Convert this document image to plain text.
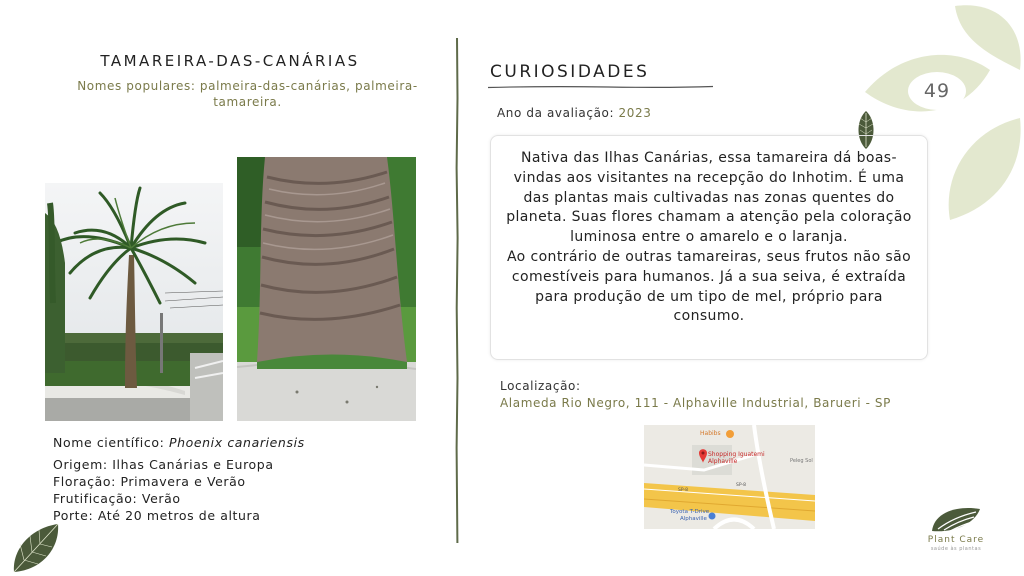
49
TAMAREIRA-DAS-CANÁRIAS
Nomes populares: palmeira-das-canárias, palmeira-tamareira.
Nome científico: Phoenix canariensis
Origem: Ilhas Canárias e Europa
Floração: Primavera e Verão
Frutificação: Verão
Porte: Até 20 metros de altura
CURIOSIDADES
Ano da avaliação: 2023

Nativa das Ilhas Canárias, essa tamareira dá boas-vindas aos visitantes na recepção do Inhotim. É uma das plantas mais cultivadas nas zonas quentes do planeta. Suas flores chamam a atenção pela coloração luminosa entre o amarelo e o laranja.

Ao contrário de outras tamareiras, seus frutos não são comestíveis para humanos. Já a sua seiva, é extraída para produção de um tipo de mel, próprio para consumo.

Localização:
Alameda Rio Negro, 111 - Alphaville Industrial, Barueri - SP
Habibs
Shopping Iguatemi
Alphaville	Peleg Sol
Toyota T-Drive
Alphaville
SP-8
SP-8
Plant Care
saúde às plantas
